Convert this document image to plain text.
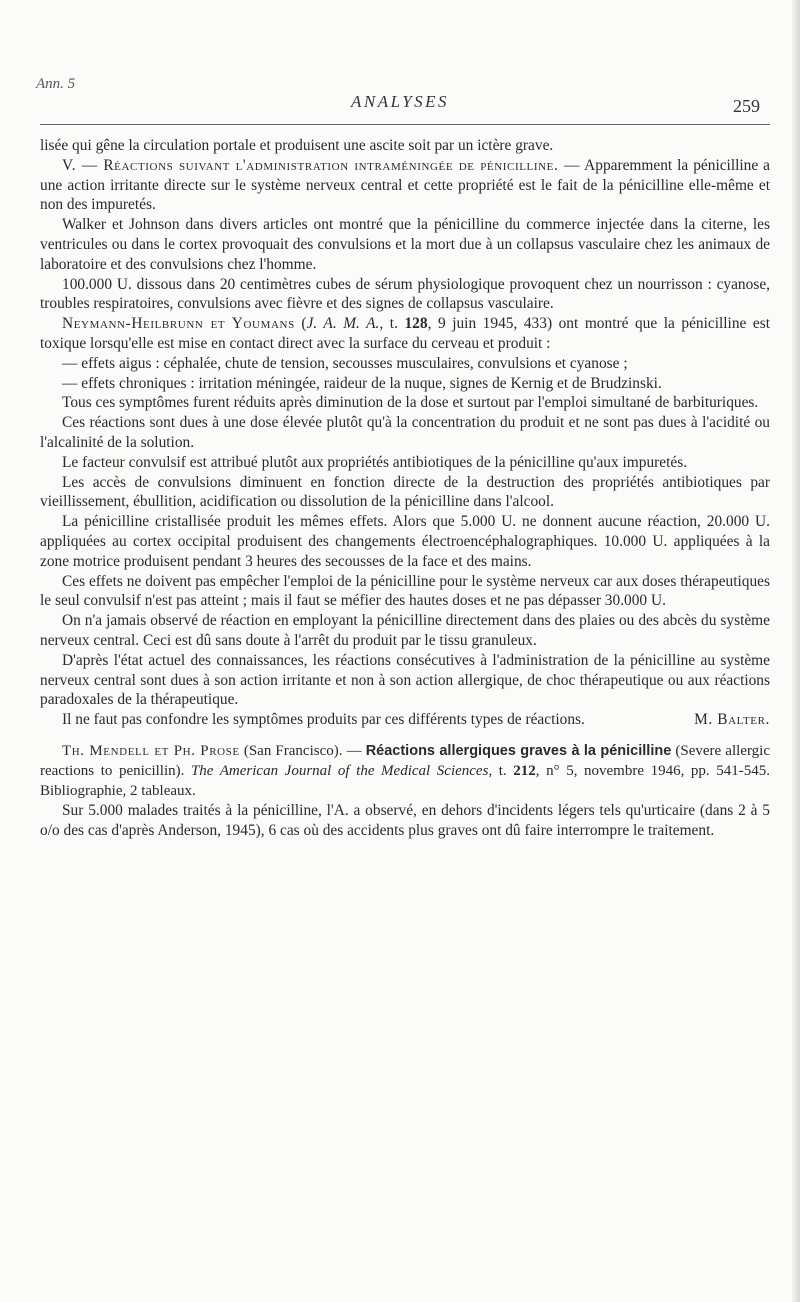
Ann. 5
ANALYSES	259

lisée qui gêne la circulation portale et produisent une ascite soit par un ictère grave.

V. — Réactions suivant l'administration intraméningée de pénicilline. — Apparemment la pénicilline a une action irritante directe sur le système nerveux central et cette propriété est le fait de la pénicilline elle-même et non des impuretés.

Walker et Johnson dans divers articles ont montré que la pénicilline du commerce injectée dans la citerne, les ventricules ou dans le cortex provoquait des convulsions et la mort due à un collapsus vasculaire chez les animaux de laboratoire et des convulsions chez l'homme.

100.000 U. dissous dans 20 centimètres cubes de sérum physiologique provoquent chez un nourrisson : cyanose, troubles respiratoires, convulsions avec fièvre et des signes de collapsus vasculaire.

Neymann-Heilbrunn et Youmans (J. A. M. A., t. 128, 9 juin 1945, 433) ont montré que la pénicilline est toxique lorsqu'elle est mise en contact direct avec la surface du cerveau et produit :

— effets aigus : céphalée, chute de tension, secousses musculaires, convulsions et cyanose ;

— effets chroniques : irritation méningée, raideur de la nuque, signes de Kernig et de Brudzinski.

Tous ces symptômes furent réduits après diminution de la dose et surtout par l'emploi simultané de barbituriques.

Ces réactions sont dues à une dose élevée plutôt qu'à la concentration du produit et ne sont pas dues à l'acidité ou l'alcalinité de la solution.

Le facteur convulsif est attribué plutôt aux propriétés antibiotiques de la pénicilline qu'aux impuretés.

Les accès de convulsions diminuent en fonction directe de la destruction des propriétés antibiotiques par vieillissement, ébullition, acidification ou dissolution de la pénicilline dans l'alcool.

La pénicilline cristallisée produit les mêmes effets. Alors que 5.000 U. ne donnent aucune réaction, 20.000 U. appliquées au cortex occipital produisent des changements électroencéphalographiques. 10.000 U. appliquées à la zone motrice produisent pendant 3 heures des secousses de la face et des mains.

Ces effets ne doivent pas empêcher l'emploi de la pénicilline pour le système nerveux car aux doses thérapeutiques le seul convulsif n'est pas atteint ; mais il faut se méfier des hautes doses et ne pas dépasser 30.000 U.

On n'a jamais observé de réaction en employant la pénicilline directement dans des plaies ou des abcès du système nerveux central. Ceci est dû sans doute à l'arrêt du produit par le tissu granuleux.

D'après l'état actuel des connaissances, les réactions consécutives à l'administration de la pénicilline au système nerveux central sont dues à son action irritante et non à son action allergique, de choc thérapeutique ou aux réactions paradoxales de la thérapeutique.

Il ne faut pas confondre les symptômes produits par ces différents types de réactions.	M. Balter.

Th. Mendell et Ph. Prose (San Francisco). — Réactions allergiques graves à la pénicilline (Severe allergic reactions to penicillin). The American Journal of the Medical Sciences, t. 212, n° 5, novembre 1946, pp. 541-545. Bibliographie, 2 tableaux.

Sur 5.000 malades traités à la pénicilline, l'A. a observé, en dehors d'incidents légers tels qu'urticaire (dans 2 à 5 o/o des cas d'après Anderson, 1945), 6 cas où des accidents plus graves ont dû faire interrompre le traitement.
